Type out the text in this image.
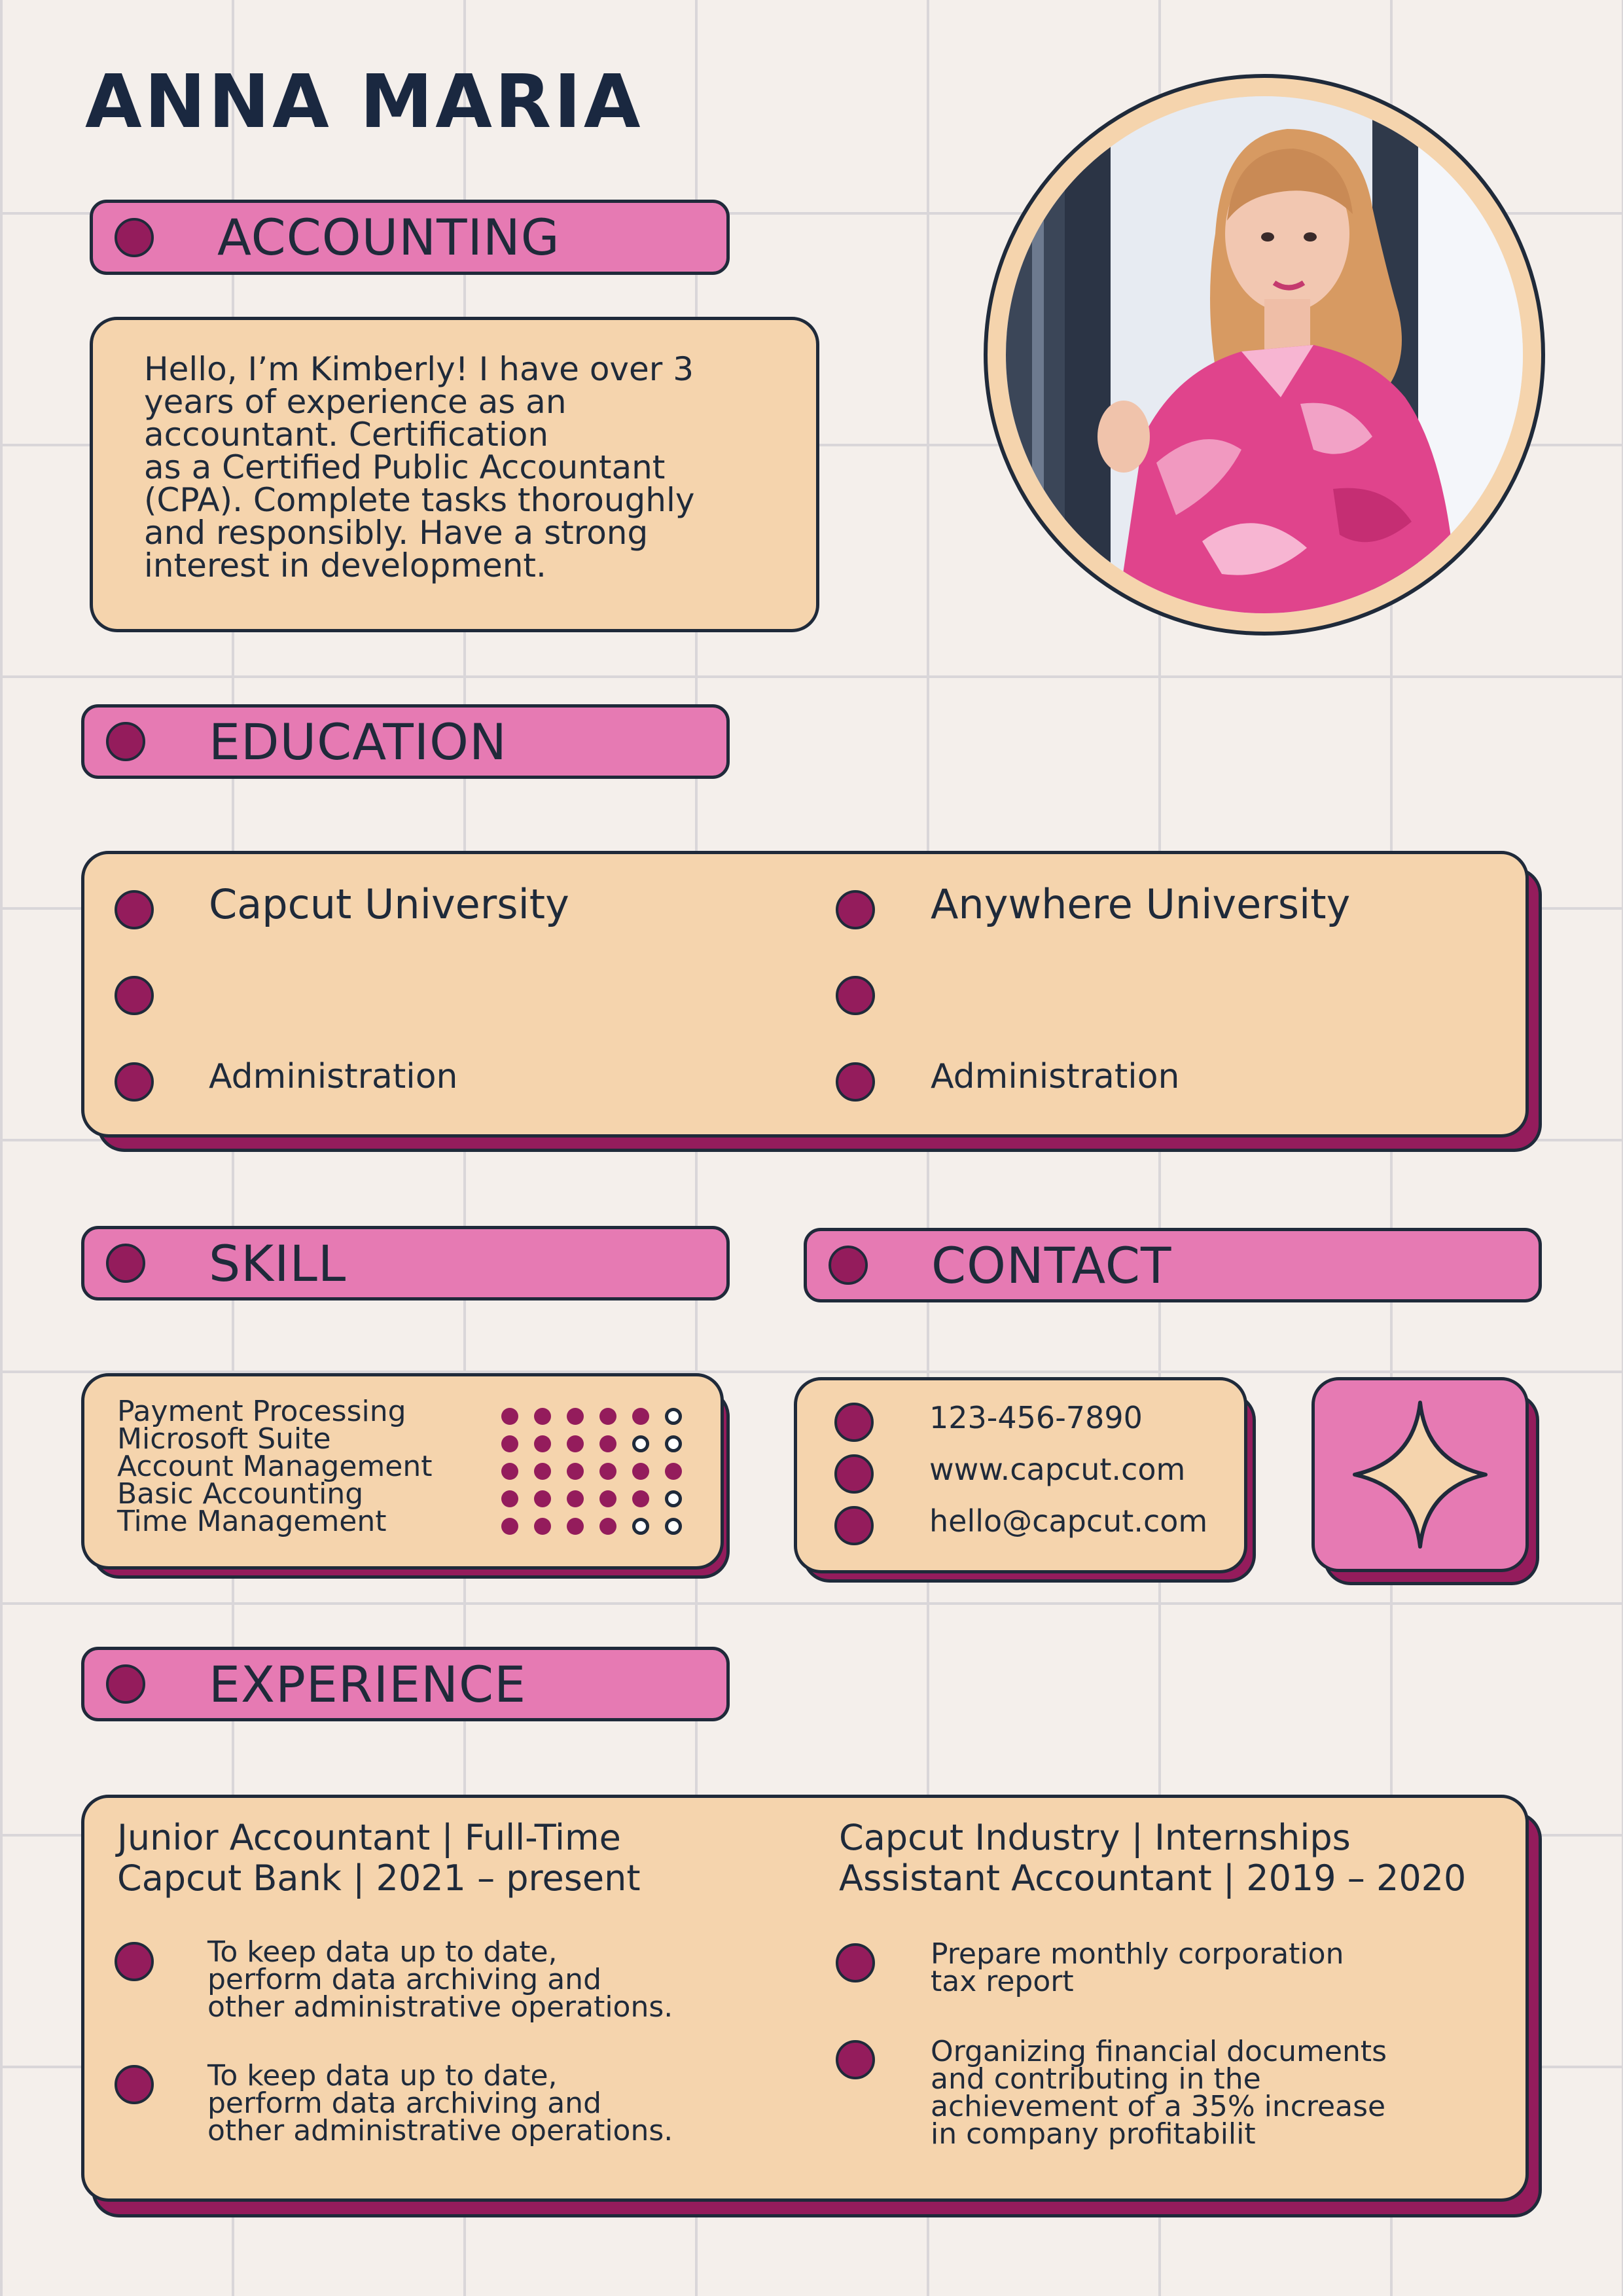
ANNA MARIA
ACCOUNTING
Hello, I’m Kimberly! I have over 3
years of experience as an
accountant. Certification
as a Certified Public Accountant
(CPA). Complete tasks thoroughly
and responsibly. Have a strong
interest in development.
EDUCATION
Capcut University
Administration
Anywhere University
Administration
SKILL	CONTACT
Payment Processing
Microsoft Suite
Account Management
Basic Accounting
Time Management
123-456-7890
www.capcut.com
hello@capcut.com
EXPERIENCE
Junior Accountant | Full-Time
Capcut Bank | 2021 – present
To keep data up to date,
perform data archiving and
other administrative operations.
To keep data up to date,
perform data archiving and
other administrative operations.
Capcut Industry | Internships
Assistant Accountant | 2019 – 2020
Prepare monthly corporation
tax report
Organizing financial documents
and contributing in the
achievement of a 35% increase
in company profitabilit
